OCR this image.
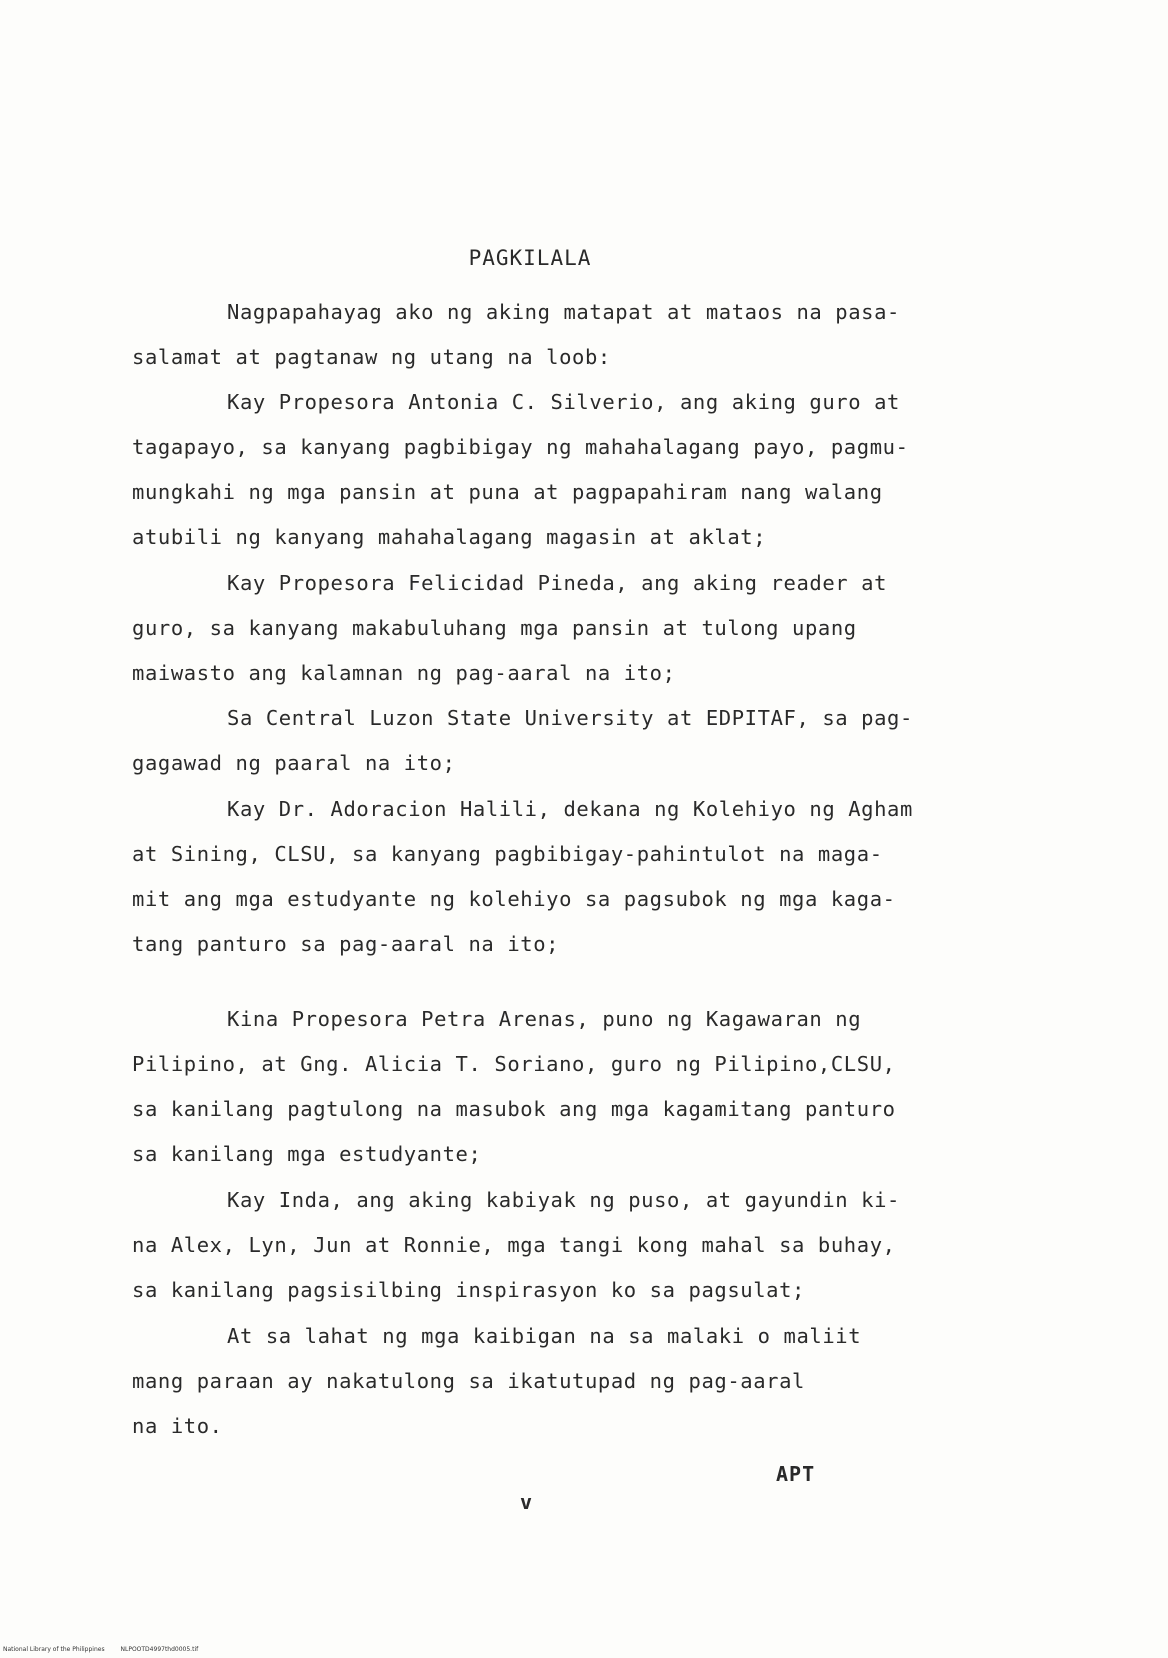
PAGKILALA
Nagpapahayag ako ng aking matapat at mataos na pasa-
salamat at pagtanaw ng utang na loob:
Kay Propesora Antonia C. Silverio, ang aking guro at
tagapayo, sa kanyang pagbibigay ng mahahalagang payo, pagmu-
mungkahi ng mga pansin at puna at pagpapahiram nang walang
atubili ng kanyang mahahalagang magasin at aklat;
Kay Propesora Felicidad Pineda, ang aking reader at
guro, sa kanyang makabuluhang mga pansin at tulong upang
maiwasto ang kalamnan ng pag-aaral na ito;
Sa Central Luzon State University at EDPITAF, sa pag-
gagawad ng paaral na ito;
Kay Dr. Adoracion Halili, dekana ng Kolehiyo ng Agham
at Sining, CLSU, sa kanyang pagbibigay-pahintulot na maga-
mit ang mga estudyante ng kolehiyo sa pagsubok ng mga kaga-
tang panturo sa pag-aaral na ito;
Kina Propesora Petra Arenas, puno ng Kagawaran ng
Pilipino, at Gng. Alicia T. Soriano, guro ng Pilipino,CLSU,
sa kanilang pagtulong na masubok ang mga kagamitang panturo
sa kanilang mga estudyante;
Kay Inda, ang aking kabiyak ng puso, at gayundin ki-
na Alex, Lyn, Jun at Ronnie, mga tangi kong mahal sa buhay,
sa kanilang pagsisilbing inspirasyon ko sa pagsulat;
At sa lahat ng mga kaibigan na sa malaki o maliit
mang paraan ay nakatulong sa ikatutupad ng pag-aaral
na ito.
APT
v
National Library of the Philippines	NLPOOTD4997thd0005.tif
